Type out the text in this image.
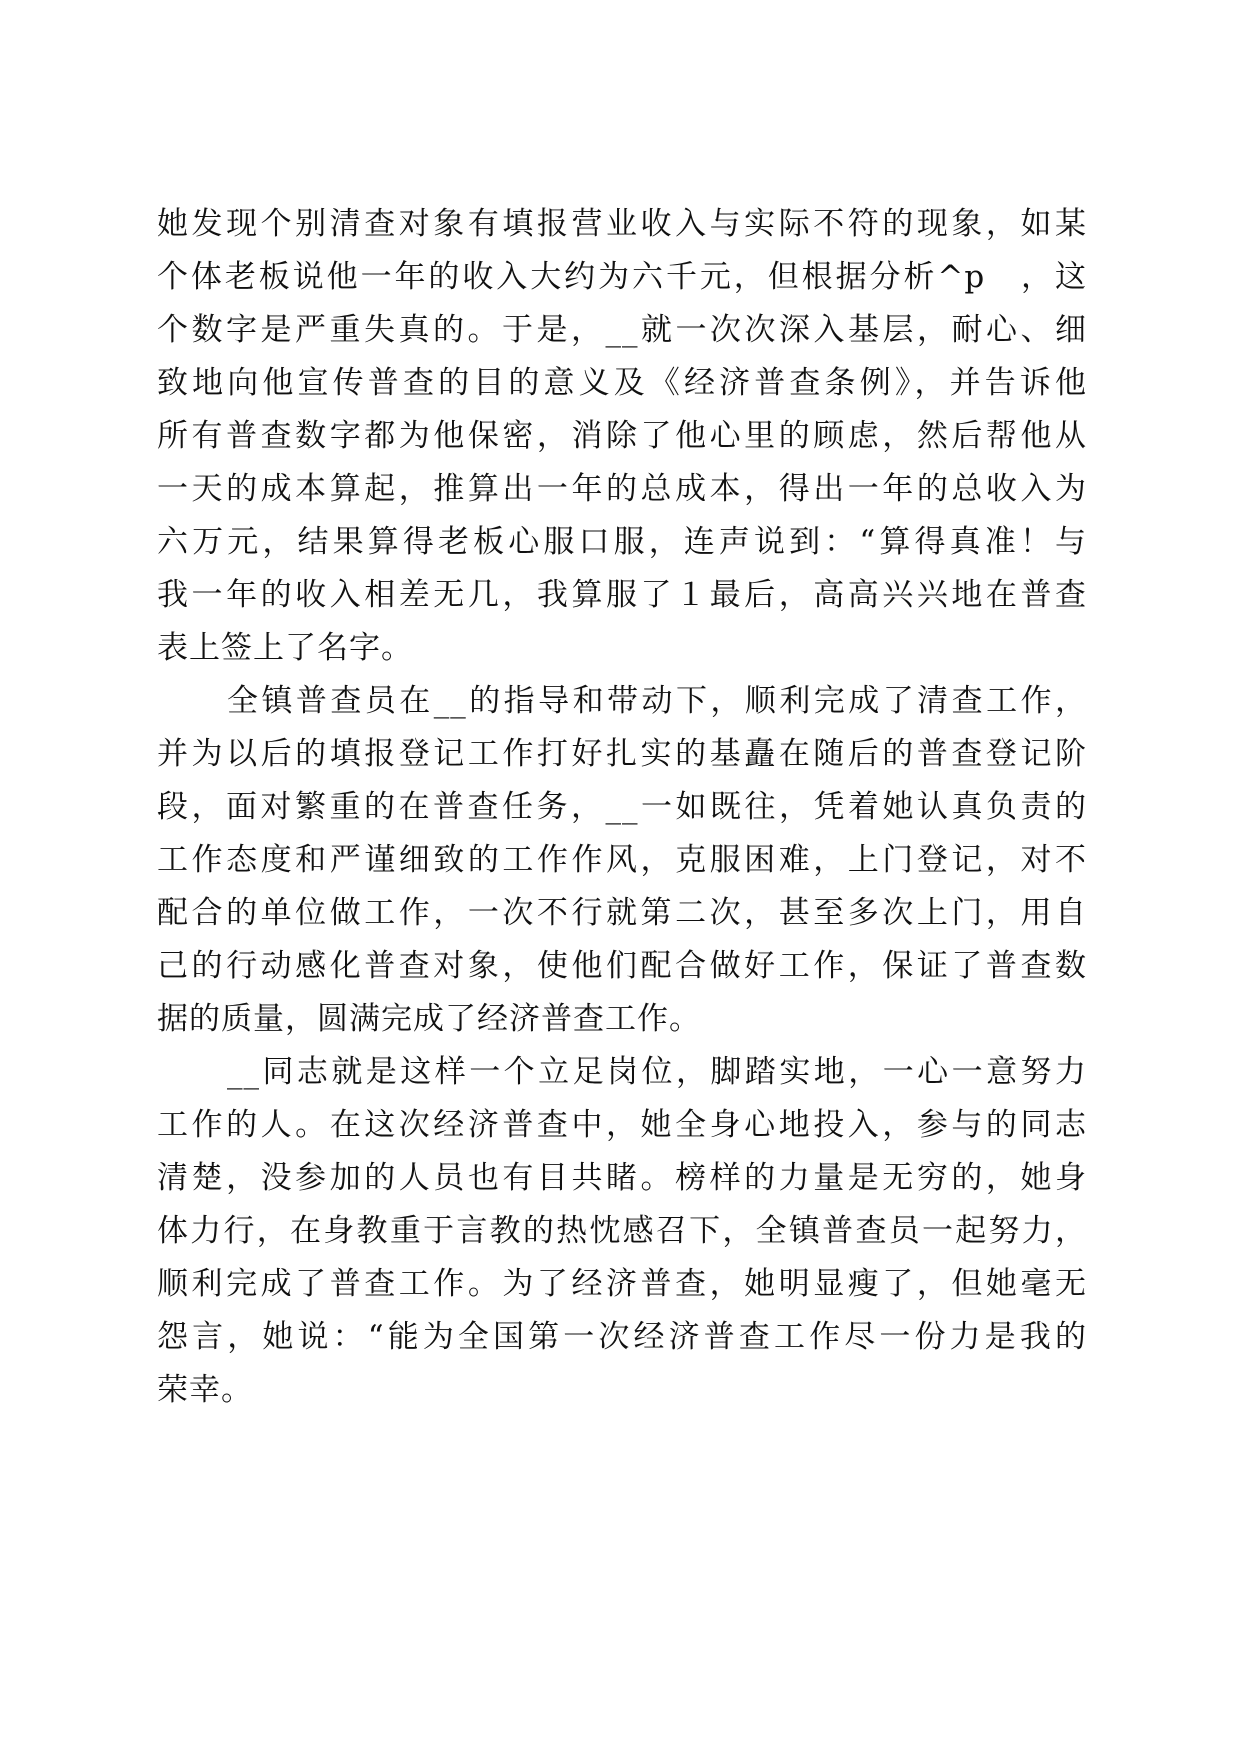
她发现个别清查对象有填报营业收入与实际不符的现象，如某
个体老板说他一年的收入大约为六千元，但根据分析^p　，这
个数字是严重失真的。于是，__就一次次深入基层，耐心、细
致地向他宣传普查的目的意义及《经济普查条例》，并告诉他
所有普查数字都为他保密，消除了他心里的顾虑，然后帮他从
一天的成本算起，推算出一年的总成本，得出一年的总收入为
六万元，结果算得老板心服口服，连声说到：“算得真准！与
我一年的收入相差无几，我算服了１最后，高高兴兴地在普查
表上签上了名字。
全镇普查员在__的指导和带动下，顺利完成了清查工作，
并为以后的填报登记工作打好扎实的基矗在随后的普查登记阶
段，面对繁重的在普查任务，__一如既往，凭着她认真负责的
工作态度和严谨细致的工作作风，克服困难，上门登记，对不
配合的单位做工作，一次不行就第二次，甚至多次上门，用自
己的行动感化普查对象，使他们配合做好工作，保证了普查数
据的质量，圆满完成了经济普查工作。
__同志就是这样一个立足岗位，脚踏实地，一心一意努力
工作的人。在这次经济普查中，她全身心地投入，参与的同志
清楚，没参加的人员也有目共睹。榜样的力量是无穷的，她身
体力行，在身教重于言教的热忱感召下，全镇普查员一起努力，
顺利完成了普查工作。为了经济普查，她明显瘦了，但她毫无
怨言，她说：“能为全国第一次经济普查工作尽一份力是我的
荣幸。
